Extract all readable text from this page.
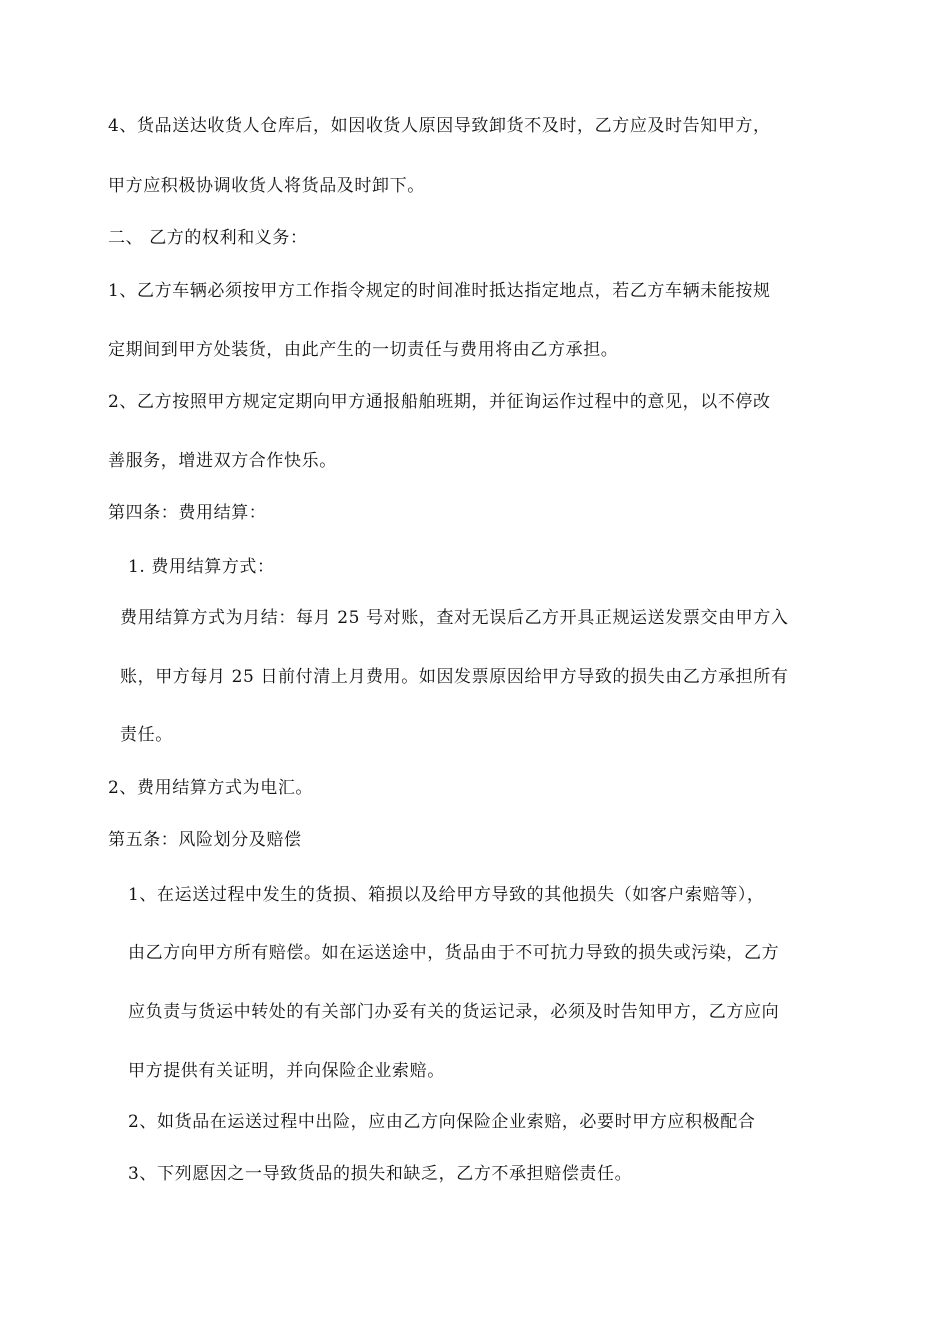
4、货品送达收货人仓库后，如因收货人原因导致卸货不及时，乙方应及时告知甲方，
甲方应积极协调收货人将货品及时卸下。
二、 乙方的权利和义务：
1、乙方车辆必须按甲方工作指令规定的时间准时抵达指定地点，若乙方车辆未能按规
定期间到甲方处装货，由此产生的一切责任与费用将由乙方承担。
2、乙方按照甲方规定定期向甲方通报船舶班期，并征询运作过程中的意见，以不停改
善服务，增进双方合作快乐。
第四条：费用结算：
1. 费用结算方式：
费用结算方式为月结：每月 25 号对账，查对无误后乙方开具正规运送发票交由甲方入
账，甲方每月 25 日前付清上月费用。如因发票原因给甲方导致的损失由乙方承担所有
责任。
2、费用结算方式为电汇。
第五条：风险划分及赔偿
1、在运送过程中发生的货损、箱损以及给甲方导致的其他损失（如客户索赔等），
由乙方向甲方所有赔偿。如在运送途中，货品由于不可抗力导致的损失或污染，乙方
应负责与货运中转处的有关部门办妥有关的货运记录，必须及时告知甲方，乙方应向
甲方提供有关证明，并向保险企业索赔。
2、如货品在运送过程中出险，应由乙方向保险企业索赔，必要时甲方应积极配合
3、下列愿因之一导致货品的损失和缺乏，乙方不承担赔偿责任。
